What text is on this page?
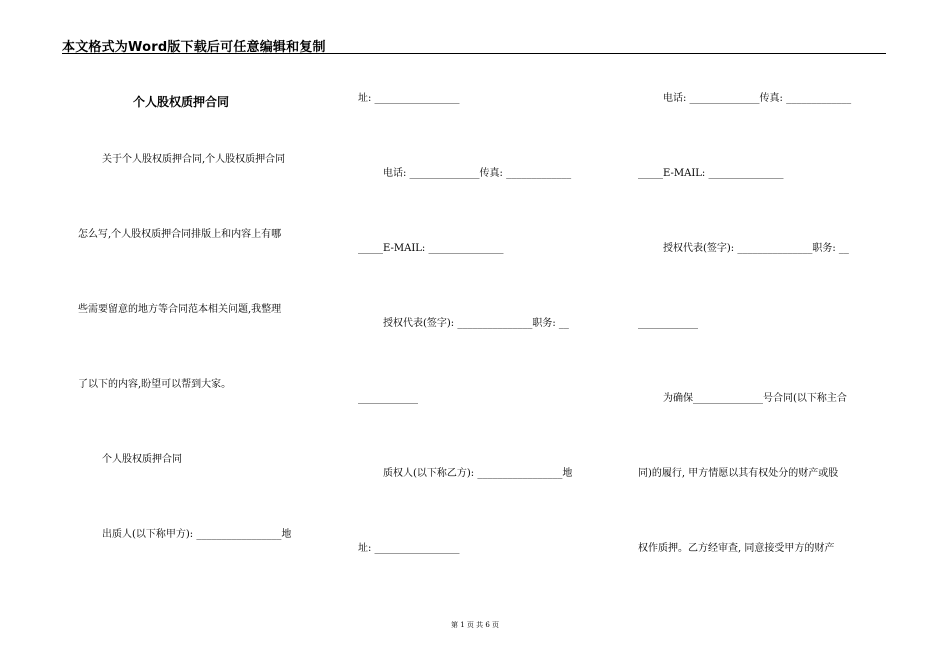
本文格式为Word版下载后可任意编辑和复制
个人股权质押合同
关于个人股权质押合同,个人股权质押合同
怎么写,个人股权质押合同排版上和内容上有哪
些需要留意的地方等合同范本相关问题,我整理
了以下的内容,盼望可以帮到大家。
个人股权质押合同
出质人(以下称甲方): _________________地
址: _________________
电话: ______________传真: _____________
_____E-MAIL: _______________
授权代表(签字): _______________职务: __
____________
质权人(以下称乙方): _________________地
址: _________________
电话: ______________传真: _____________
_____E-MAIL: _______________
授权代表(签字): _______________职务: __
____________
为确保______________号合同(以下称主合
同)的履行, 甲方情愿以其有权处分的财产或股
权作质押。乙方经审查, 同意接受甲方的财产
第 1 页 共 6 页
